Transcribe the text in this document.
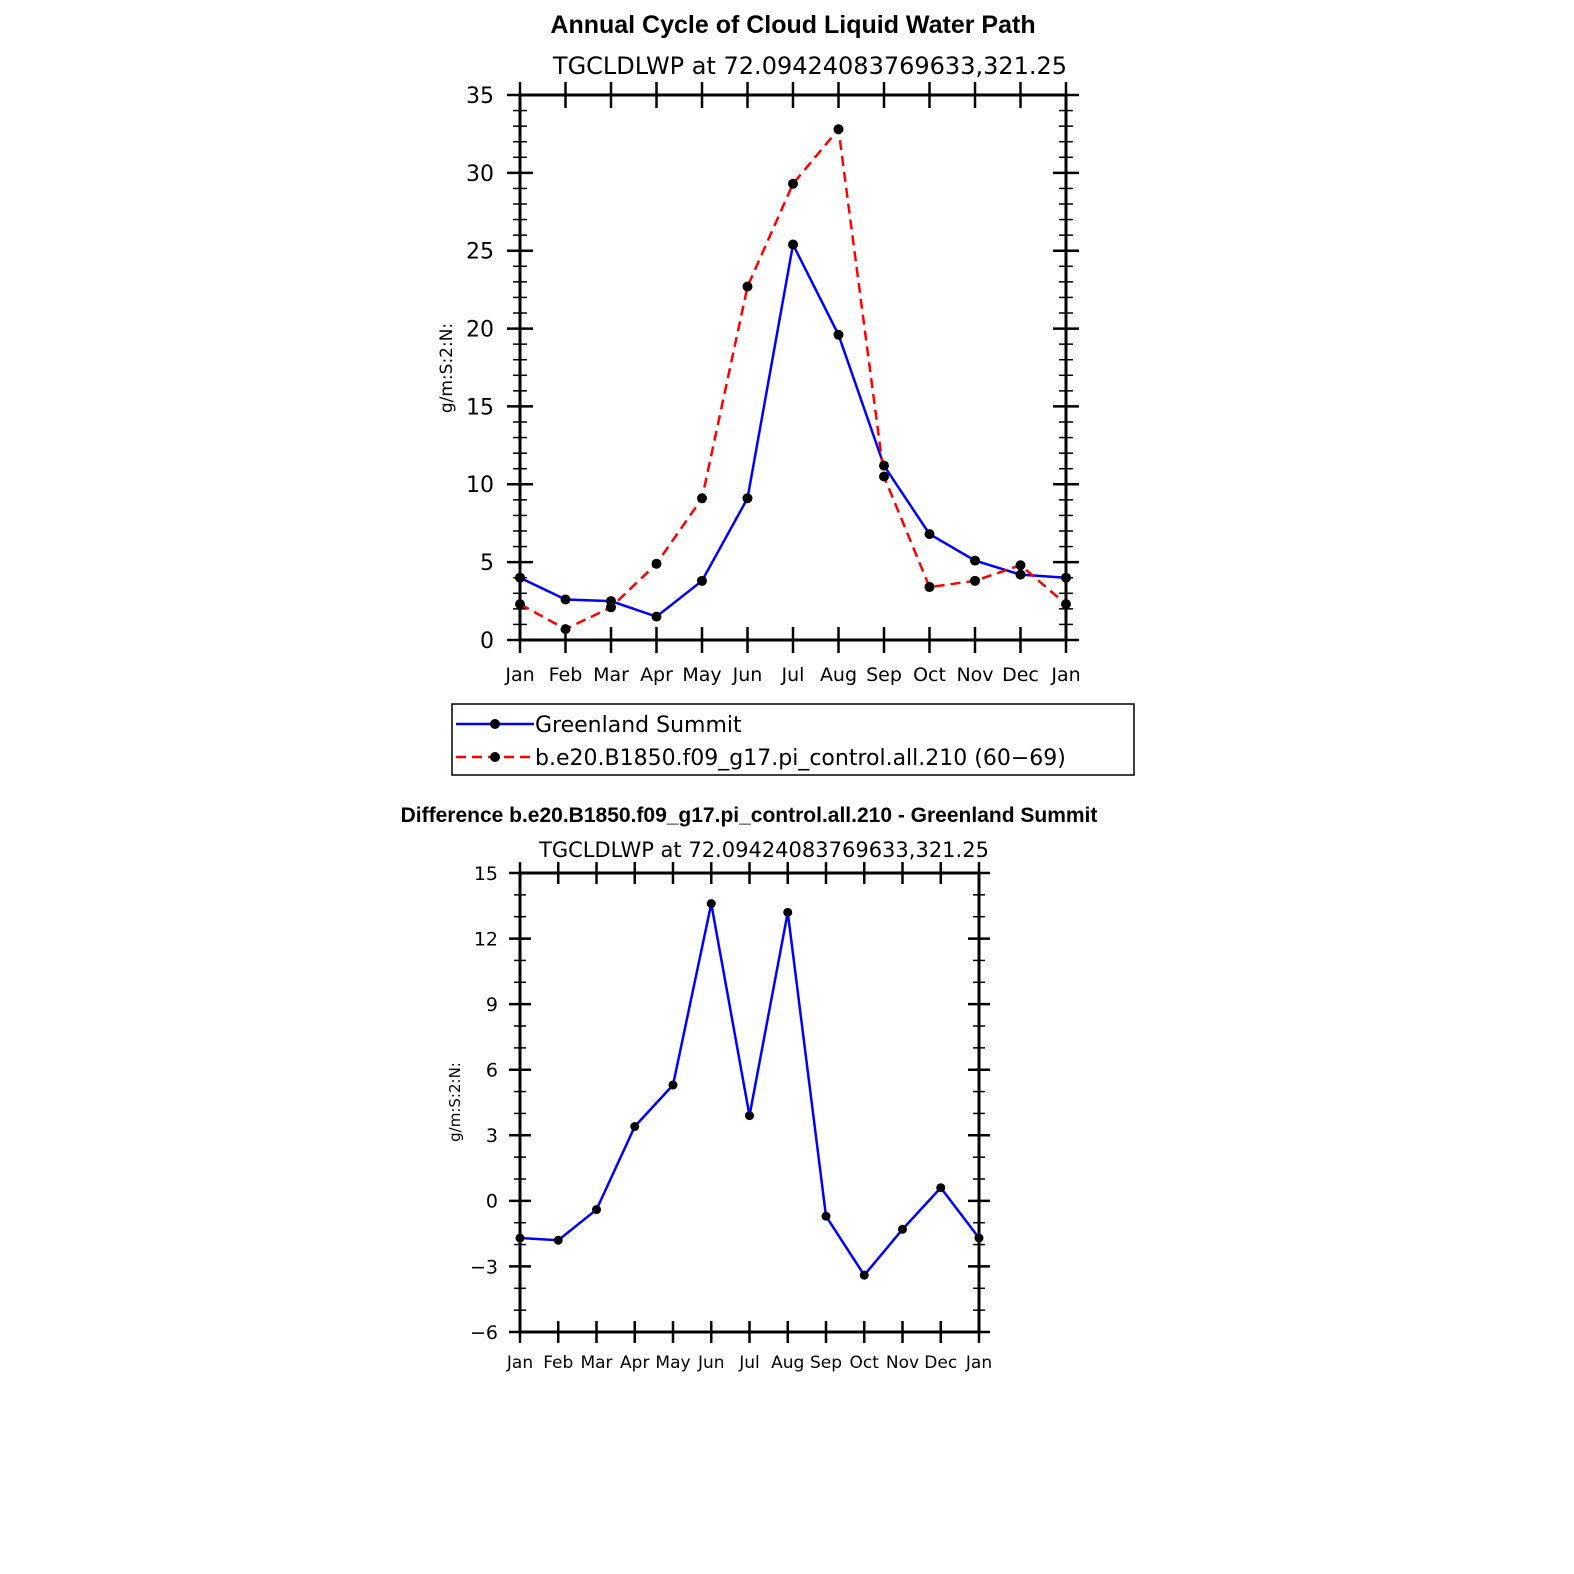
Annual Cycle of Cloud Liquid Water Path
TGCLDLWP at 72.09424083769633,321.25
g/m:S:2:N:
Jan Feb Mar Apr May Jun Jul Aug Sep Oct Nov Dec Jan
0
5
10
15
20
25
30
35
Greenland Summit
b.e20.B1850.f09_g17.pi_control.all.210 (60−69)
Difference b.e20.B1850.f09_g17.pi_control.all.210 - Greenland Summit
TGCLDLWP at 72.09424083769633,321.25
g/m:S:2:N:
Jan Feb Mar Apr May Jun Jul Aug Sep Oct Nov Dec Jan
−6
−3
0
3
6
9
12
15
